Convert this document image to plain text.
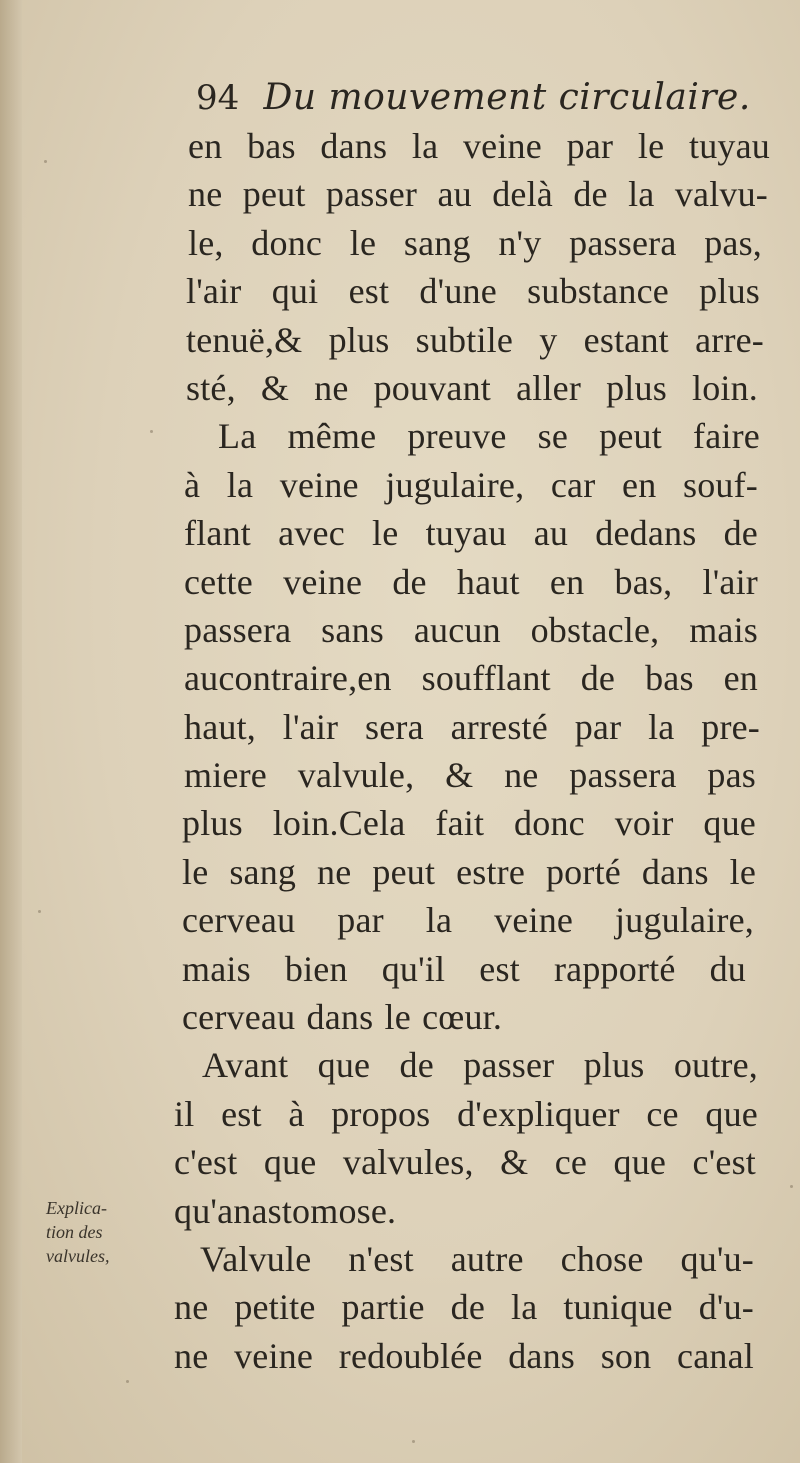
94 Du mouvement circulaire.
en bas dans la veine par le tuyau
ne peut passer au delà de la valvu-
le, donc le sang n'y passera pas,
l'air qui est d'une substance plus
tenuë,& plus subtile y estant arre-
sté, & ne pouvant aller plus loin.
La même preuve se peut faire
à la veine jugulaire, car en souf-
flant avec le tuyau au dedans de
cette veine de haut en bas, l'air
passera sans aucun obstacle, mais
aucontraire,en soufflant de bas en
haut, l'air sera arresté par la pre-
miere valvule, & ne passera pas
plus loin.Cela fait donc voir que
le sang ne peut estre porté dans le
cerveau par la veine jugulaire,
mais bien qu'il est rapporté du
cerveau dans le cœur.
Avant que de passer plus outre,
il est à propos d'expliquer ce que
c'est que valvules, & ce que c'est
qu'anastomose.
Valvule n'est autre chose qu'u-
ne petite partie de la tunique d'u-
ne veine redoublée dans son canal
Explica-
tion des
valvules,
